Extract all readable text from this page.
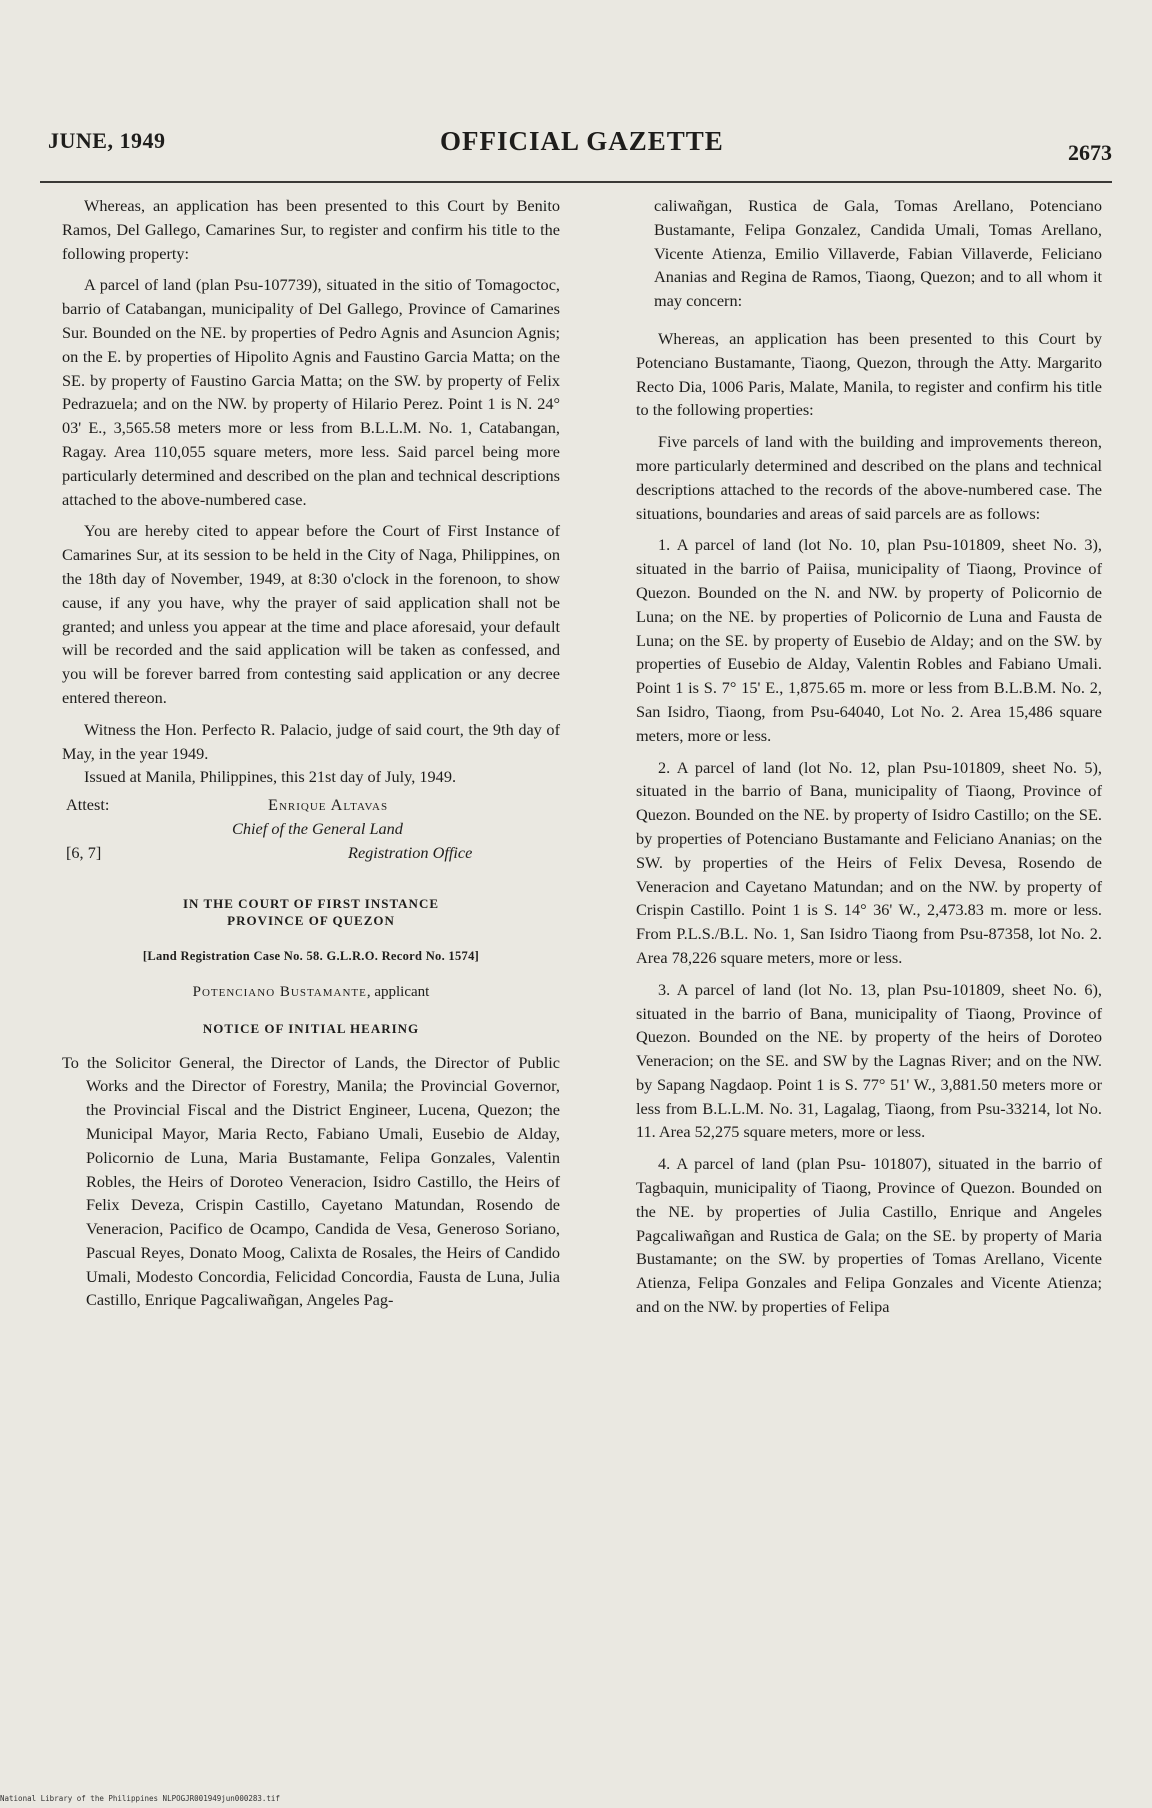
JUNE, 1949	OFFICIAL GAZETTE	2673

Whereas, an application has been presented to this Court by Benito Ramos, Del Gallego, Camarines Sur, to register and confirm his title to the following property:

A parcel of land (plan Psu-107739), situated in the sitio of Tomagoctoc, barrio of Catabangan, municipality of Del Gallego, Province of Camarines Sur. Bounded on the NE. by properties of Pedro Agnis and Asuncion Agnis; on the E. by properties of Hipolito Agnis and Faustino Garcia Matta; on the SE. by property of Faustino Garcia Matta; on the SW. by property of Felix Pedrazuela; and on the NW. by property of Hilario Perez. Point 1 is N. 24° 03' E., 3,565.58 meters more or less from B.L.L.M. No. 1, Catabangan, Ragay. Area 110,055 square meters, more less. Said parcel being more particularly determined and described on the plan and technical descriptions attached to the above-numbered case.

You are hereby cited to appear before the Court of First Instance of Camarines Sur, at its session to be held in the City of Naga, Philippines, on the 18th day of November, 1949, at 8:30 o'clock in the forenoon, to show cause, if any you have, why the prayer of said application shall not be granted; and unless you appear at the time and place aforesaid, your default will be recorded and the said application will be taken as confessed, and you will be forever barred from contesting said application or any decree entered thereon.

Witness the Hon. Perfecto R. Palacio, judge of said court, the 9th day of May, in the year 1949.

Issued at Manila, Philippines, this 21st day of July, 1949.

Attest:	Enrique Altavas
Chief of the General Land
[6, 7]	Registration Office
IN THE COURT OF FIRST INSTANCE
PROVINCE OF QUEZON
[Land Registration Case No. 58. G.L.R.O. Record No. 1574]
Potenciano Bustamante, applicant
NOTICE OF INITIAL HEARING

To the Solicitor General, the Director of Lands, the Director of Public Works and the Director of Forestry, Manila; the Provincial Governor, the Provincial Fiscal and the District Engineer, Lucena, Quezon; the Municipal Mayor, Maria Recto, Fabiano Umali, Eusebio de Alday, Policornio de Luna, Maria Bustamante, Felipa Gonzales, Valentin Robles, the Heirs of Doroteo Veneracion, Isidro Castillo, the Heirs of Felix Deveza, Crispin Castillo, Cayetano Matundan, Rosendo de Veneracion, Pacifico de Ocampo, Candida de Vesa, Generoso Soriano, Pascual Reyes, Donato Moog, Calixta de Rosales, the Heirs of Candido Umali, Modesto Concordia, Felicidad Concordia, Fausta de Luna, Julia Castillo, Enrique Pagcaliwañgan, Angeles Pag-

caliwañgan, Rustica de Gala, Tomas Arellano, Potenciano Bustamante, Felipa Gonzalez, Candida Umali, Tomas Arellano, Vicente Atienza, Emilio Villaverde, Fabian Villaverde, Feliciano Ananias and Regina de Ramos, Tiaong, Quezon; and to all whom it may concern:

Whereas, an application has been presented to this Court by Potenciano Bustamante, Tiaong, Quezon, through the Atty. Margarito Recto Dia, 1006 Paris, Malate, Manila, to register and confirm his title to the following properties:

Five parcels of land with the building and improvements thereon, more particularly determined and described on the plans and technical descriptions attached to the records of the above-numbered case. The situations, boundaries and areas of said parcels are as follows:

1. A parcel of land (lot No. 10, plan Psu-101809, sheet No. 3), situated in the barrio of Paiisa, municipality of Tiaong, Province of Quezon. Bounded on the N. and NW. by property of Policornio de Luna; on the NE. by properties of Policornio de Luna and Fausta de Luna; on the SE. by property of Eusebio de Alday; and on the SW. by properties of Eusebio de Alday, Valentin Robles and Fabiano Umali. Point 1 is S. 7° 15' E., 1,875.65 m. more or less from B.L.B.M. No. 2, San Isidro, Tiaong, from Psu-64040, Lot No. 2. Area 15,486 square meters, more or less.

2. A parcel of land (lot No. 12, plan Psu-101809, sheet No. 5), situated in the barrio of Bana, municipality of Tiaong, Province of Quezon. Bounded on the NE. by property of Isidro Castillo; on the SE. by properties of Potenciano Bustamante and Feliciano Ananias; on the SW. by properties of the Heirs of Felix Devesa, Rosendo de Veneracion and Cayetano Matundan; and on the NW. by property of Crispin Castillo. Point 1 is S. 14° 36' W., 2,473.83 m. more or less. From P.L.S./B.L. No. 1, San Isidro Tiaong from Psu-87358, lot No. 2. Area 78,226 square meters, more or less.

3. A parcel of land (lot No. 13, plan Psu-101809, sheet No. 6), situated in the barrio of Bana, municipality of Tiaong, Province of Quezon. Bounded on the NE. by property of the heirs of Doroteo Veneracion; on the SE. and SW by the Lagnas River; and on the NW. by Sapang Nagdaop. Point 1 is S. 77° 51' W., 3,881.50 meters more or less from B.L.L.M. No. 31, Lagalag, Tiaong, from Psu-33214, lot No. 11. Area 52,275 square meters, more or less.

4. A parcel of land (plan Psu- 101807), situated in the barrio of Tagbaquin, municipality of Tiaong, Province of Quezon. Bounded on the NE. by properties of Julia Castillo, Enrique and Angeles Pagcaliwañgan and Rustica de Gala; on the SE. by property of Maria Bustamante; on the SW. by properties of Tomas Arellano, Vicente Atienza, Felipa Gonzales and Felipa Gonzales and Vicente Atienza; and on the NW. by properties of Felipa

National Library of the Philippines NLPOGJR001949jun000283.tif
